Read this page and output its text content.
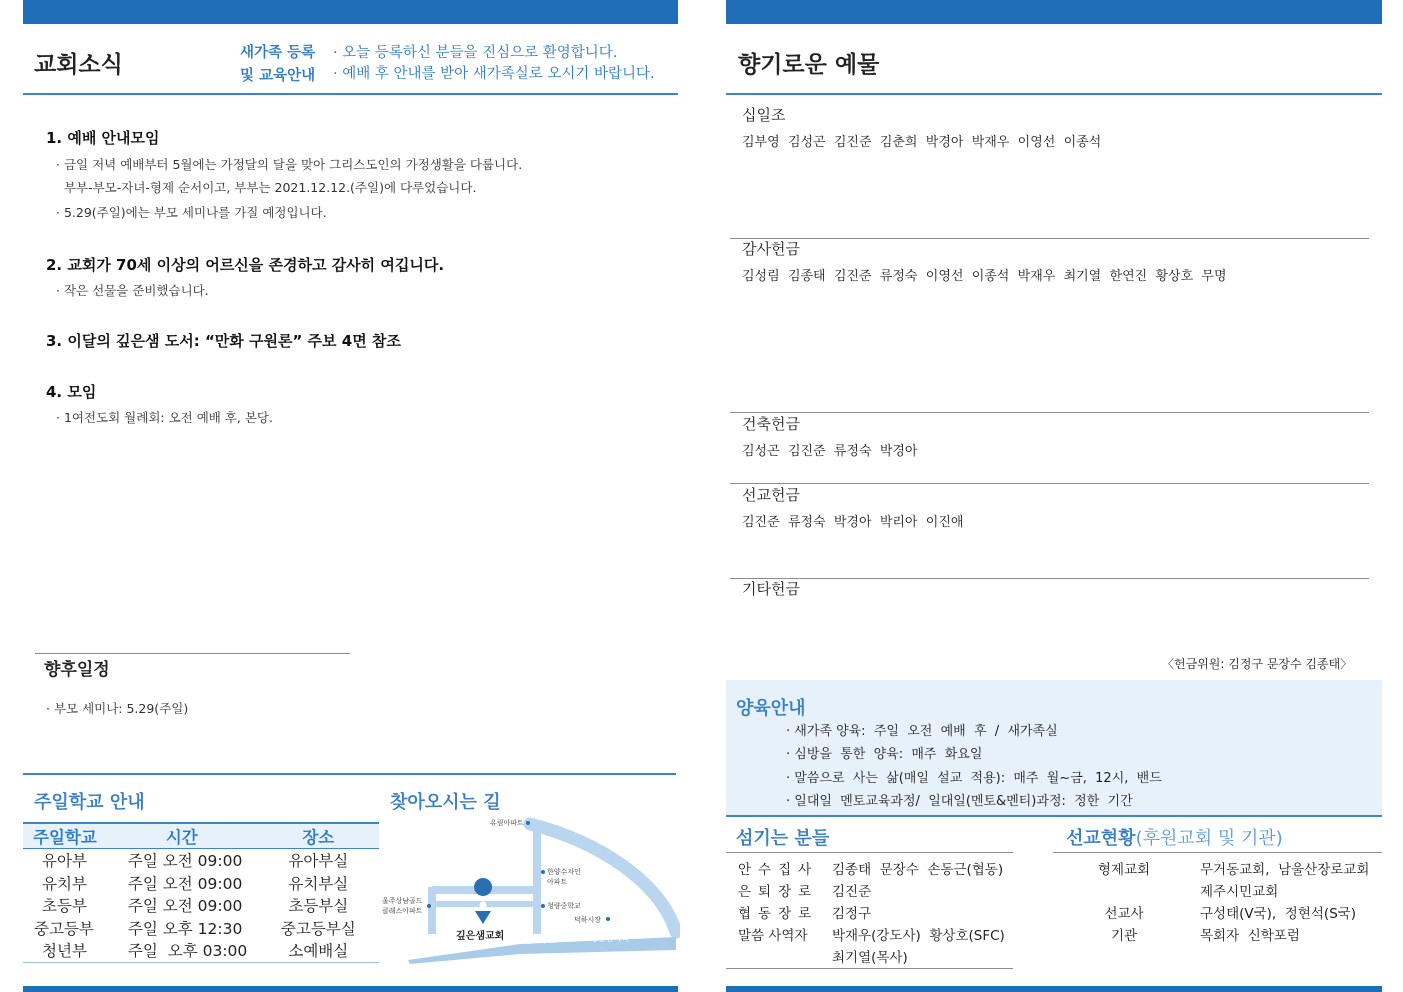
교회소식	새가족 등록
및 교육안내
· 오늘 등록하신 분들을 진심으로 환영합니다.
· 예배 후 안내를 받아 새가족실로 오시기 바랍니다.
1. 예배 안내모임
· 금일 저녁 예배부터 5월에는 가정달의 달을 맞아 그리스도인의 가정생활을 다룹니다.
부부-부모-자녀-형제 순서이고, 부부는 2021.12.12.(주일)에 다루었습니다.
· 5.29(주일)에는 부모 세미나를 가질 예정입니다.
2. 교회가 70세 이상의 어르신을 존경하고 감사히 여깁니다.
· 작은 선물을 준비했습니다.
3. 이달의 깊은샘 도서: “만화 구원론” 주보 4면 참조
4. 모임
· 1여전도회 월례회: 오전 예배 후, 본당.
향후일정
· 부모 세미나: 5.29(주일)
주일학교 안내
주일학교	시간	장소
유아부	주일 오전 09:00	유아부실
유치부	주일 오전 09:00	유치부실
초등부	주일 오전 09:00	초등부실
중고등부	주일 오후 12:30	중고등부실
청년부	주일  오후 03:00	소예배실
찾아오시는 길
유림아파트
한양수자인
아파트
청량중학교
덕하시장
울주상남골드
클래스아파트
깊은샘교회 울진교차로	청량삼거리
향기로운 예물
십일조
김부영  김성곤  김진준  김춘희  박경아  박재우  이영선  이종석
감사헌금
김성림  김종태  김진준  류정숙  이영선  이종석  박재우  최기열  한연진  황상호  무명
건축헌금
김성곤  김진준  류정숙  박경아
선교헌금
김진준  류정숙  박경아  박리아  이진애
기타헌금
〈헌금위원: 김정구 문장수 김종태〉
양육안내
· 새가족 양육:  주일  오전  예배  후  /  새가족실
· 심방을  통한  양육:  매주  화요일
· 말씀으로  사는  삶(매일  설교  적용):  매주  월~금,  12시,  밴드
· 일대일  멘토교육과정/  일대일(멘토&멘티)과정:  정한  기간
섬기는 분들
안수집사 김종태  문장수  손동근(협동)
은퇴장로 김진준
협동장로 김정구
말씀 사역자 박재우(강도사)  황상호(SFC)
최기열(목사)
선교현황(후원교회 및 기관)
형제교회	무거동교회,  남울산장로교회
제주시민교회
선교사	구성태(V국),  정현석(S국)
기관	목회자  신학포럼
